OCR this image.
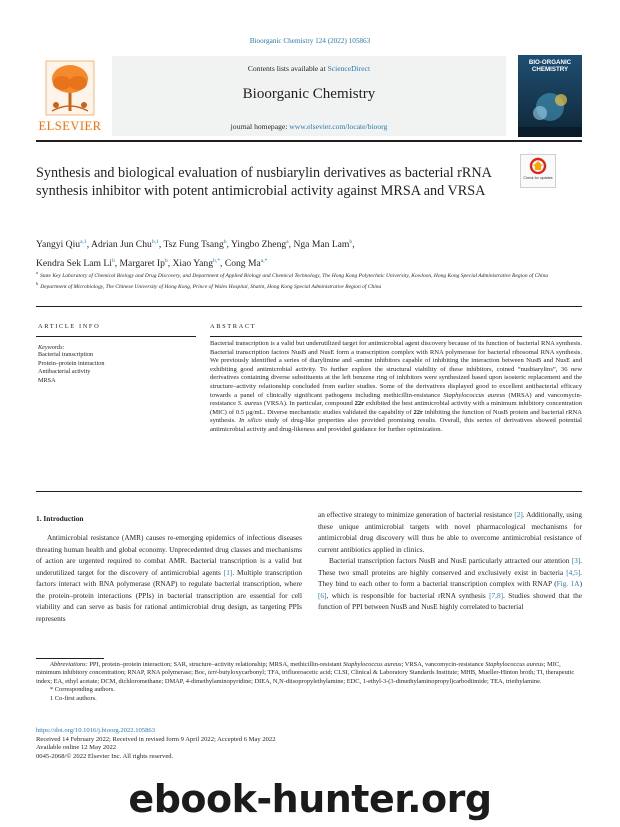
Bioorganic Chemistry 124 (2022) 105863
ELSEVIER
Contents lists available at ScienceDirect
Bioorganic Chemistry
journal homepage: www.elsevier.com/locate/bioorg
BIO-ORGANIC CHEMISTRY
Synthesis and biological evaluation of nusbiarylin derivatives as bacterial rRNA synthesis inhibitor with potent antimicrobial activity against MRSA and VRSA
Check for updates
Yangyi Qiu$^{a,1}$, Adrian Jun Chu$^{b,1}$, Tsz Fung Tsang$^b$, Yingbo Zheng$^a$, Nga Man Lam$^b$,
Kendra Sek Lam Li$^b$, Margaret Ip$^b$, Xiao Yang$^{b,*}$, Cong $Ma^{a,*}$
$^a$State Key Laboratory of Chemical Biology and Drug Discovery, and Department of Applied Biology and Chemical Technology, The Hong Kong Polytechnic University, Kowloon, Hong Kong Special Administrative Region of China
$^b$Department of Microbiology, The Chinese University of Hong Kong, Prince of Wales Hospital, Shatin, Hong Kong Special Administrative Region of China
ARTICLE INFO
Keywords:
Bacterial transcription
Protein–protein interaction
Antibacterial activity
MRSA
ABSTRACT
Bacterial transcription is a valid but underutilized target for antimicrobial agent discovery because of its function of bacterial RNA synthesis. Bacterial transcription factors NusB and NusE form a transcription complex with RNA polymerase for bacterial ribosomal RNA synthesis. We previously identified a series of diarylimine and -amine inhibitors capable of inhibiting the interaction between NusB and NusE and exhibiting good antimicrobial activity. To further explore the structural viability of these inhibitors, coined “nusbiarylins”, 36 new derivatives containing diverse substituents at the left benzene ring of inhibitors were synthesized based upon isosteric replacement and the structure–activity relationship concluded from earlier studies. Some of the derivatives displayed good to excellent antibacterial efficacy towards a panel of clinically significant pathogens including methicillin-resistance Staphylococcus aureus (MRSA) and vancomycin-resistance S. aureus (VRSA). In particular, compound 22r exhibited the best antimicrobial activity with a minimum inhibitory concentration (MIC) of 0.5 μg/mL. Diverse mechanistic studies validated the capability of 22r inhibiting the function of NusB protein and bacterial rRNA synthesis. In silico study of drug-like properties also provided promising results. Overall, this series of derivatives showed potential antimicrobial activity and drug-likeness and provided guidance for further optimization.
1. Introduction

Antimicrobial resistance (AMR) causes re-emerging epidemics of infectious diseases threating human health and global economy. Unprecedented drug classes and mechanisms of action are urgented required to combat AMR. Bacterial transcription is a valid but underutilized target for the discovery of antimicrobial agents [1]. Multiple transcription factors interact with RNA polymerase (RNAP) to regulate bacterial transcription, where the protein–protein interactions (PPIs) in bacterial transcription are essential for cell viability and can serve as basis for rational antimicrobial drug design, as targeting PPIs represents

an effective strategy to minimize generation of bacterial resistance [2]. Additionally, using these unique antimicrobial targets with novel pharmacological mechanisms for antimicrobial drug discovery will thus be able to overcome antimicrobial resistance of current antibiotics applied in clinics.

Bacterial transcription factors NusB and NusE particularly attracted our attention [3]. These two small proteins are highly conserved and exclusively exist in bacteria [4,5]. They bind to each other to form a bacterial transcription complex with RNAP (Fig. 1A) [6], which is responsible for bacterial rRNA synthesis [7,8]. Studies showed that the function of PPI between NusB and NusE highly correlated to bacterial

Abbreviations: PPI, protein–protein interaction; SAR, structure–activity relationship; MRSA, methicillin-resistant Staphylococcus aureus; VRSA, vancomycin-resistance Staphylococcus aureus; MIC, minimum inhibitory concentration; RNAP, RNA polymerase; Boc, tert-butyloxycarbonyl; TFA, trifluoroacetic acid; CLSI, Clinical & Laboratory Standards Institute; MHB, Mueller-Hinton broth; TI, therapeutic index; EA, ethyl acetate; DCM, dichloromethane; DMAP, 4-dimethylaminopyridine; DIEA, N,N-diisopropylethylamine; EDC, 1-ethyl-3-(3-dimethylaminopropyl)carbodiimide; TEA, triethylamine.

* Corresponding authors.

1 Co-first authors.

https://doi.org/10.1016/j.bioorg.2022.105863
Received 14 February 2022; Received in revised form 9 April 2022; Accepted 6 May 2022
Available online 12 May 2022
0045-2068/© 2022 Elsevier Inc. All rights reserved.
ebook-hunter.org
